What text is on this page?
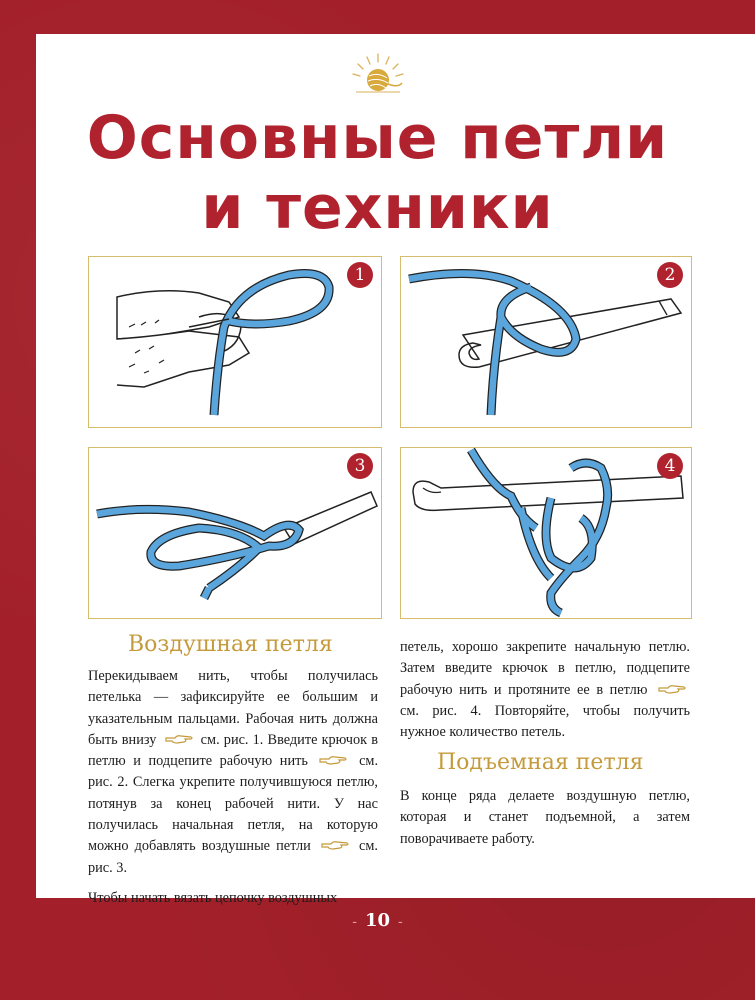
Основные петли
и техники
1	2
3	4
Воздушная петля
Подъемная петля

Перекидываем нить, чтобы получилась петелька — зафиксируйте ее большим и указательным пальцами. Рабочая нить должна быть внизу	см. рис. 1. Введите крючок в петлю и подцепите рабочую нить	см. рис. 2. Слегка укрепите получившуюся петлю, потянув за конец рабочей нити. У нас получилась начальная петля, на которую можно добавлять воздушные петли	см. рис. 3.

Чтобы начать вязать цепочку воздушных

петель, хорошо закрепите начальную петлю. Затем введите крючок в петлю, подцепите рабочую нить и протяните ее в петлю  см. рис. 4. Повторяйте, чтобы получить нужное количество петель.

В конце ряда делаете воздушную петлю, которая и станет подъемной, а затем поворачиваете работу.

- 10 -
